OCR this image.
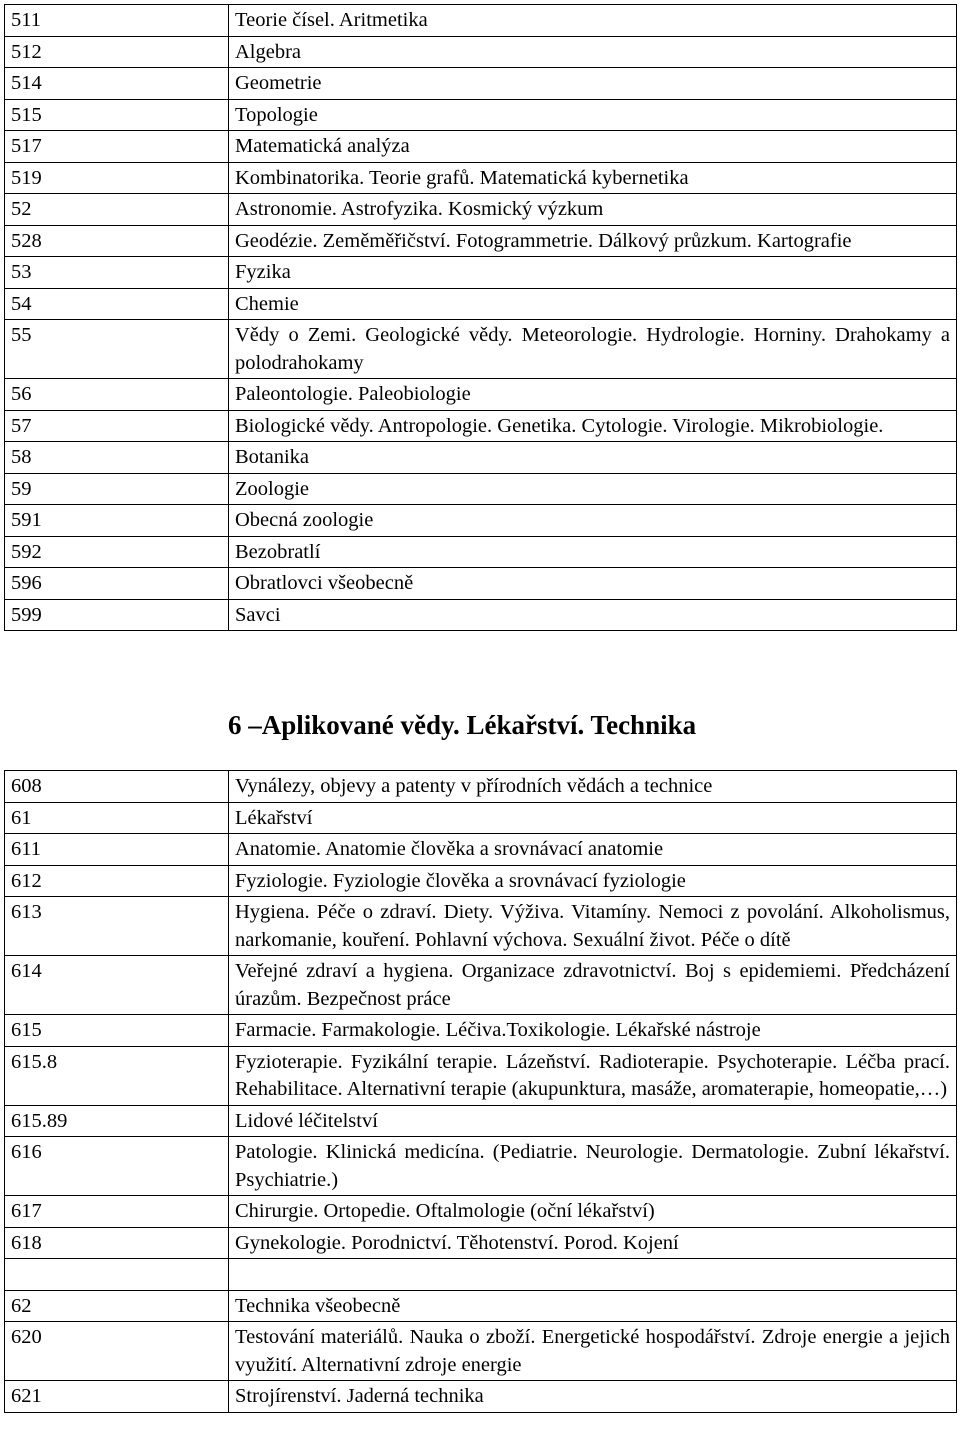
511	Teorie čísel. Aritmetika
512	Algebra
514	Geometrie
515	Topologie
517	Matematická analýza
519	Kombinatorika. Teorie grafů. Matematická kybernetika
52	Astronomie. Astrofyzika. Kosmický výzkum
528	Geodézie. Zeměměřičství. Fotogrammetrie. Dálkový průzkum. Kartografie
53	Fyzika
54	Chemie
55	Vědy o Zemi. Geologické vědy. Meteorologie. Hydrologie. Horniny. Drahokamy a polodrahokamy
56	Paleontologie. Paleobiologie
57	Biologické vědy. Antropologie. Genetika. Cytologie. Virologie. Mikrobiologie.
58	Botanika
59	Zoologie
591	Obecná zoologie
592	Bezobratlí
596	Obratlovci všeobecně
599	Savci
6 –Aplikované vědy. Lékařství. Technika
608	Vynálezy, objevy a patenty v přírodních vědách a technice
61	Lékařství
611	Anatomie. Anatomie člověka a srovnávací anatomie
612	Fyziologie. Fyziologie člověka a srovnávací fyziologie
613	Hygiena. Péče o zdraví. Diety. Výživa. Vitamíny. Nemoci z povolání. Alkoholismus, narkomanie, kouření. Pohlavní výchova. Sexuální život. Péče o dítě
614	Veřejné zdraví a hygiena. Organizace zdravotnictví. Boj s epidemiemi. Předcházení úrazům. Bezpečnost práce
615	Farmacie. Farmakologie. Léčiva.Toxikologie. Lékařské nástroje
615.8	Fyzioterapie. Fyzikální terapie. Lázeňství. Radioterapie. Psychoterapie. Léčba prací. Rehabilitace. Alternativní terapie (akupunktura, masáže, aromaterapie, homeopatie,…)
615.89	Lidové léčitelství
616	Patologie. Klinická medicína. (Pediatrie. Neurologie. Dermatologie. Zubní lékařství. Psychiatrie.)
617	Chirurgie. Ortopedie. Oftalmologie (oční lékařství)
618	Gynekologie. Porodnictví. Těhotenství. Porod. Kojení

62	Technika všeobecně
620	Testování materiálů. Nauka o zboží. Energetické hospodářství. Zdroje energie a jejich využití. Alternativní zdroje energie
621	Strojírenství. Jaderná technika
